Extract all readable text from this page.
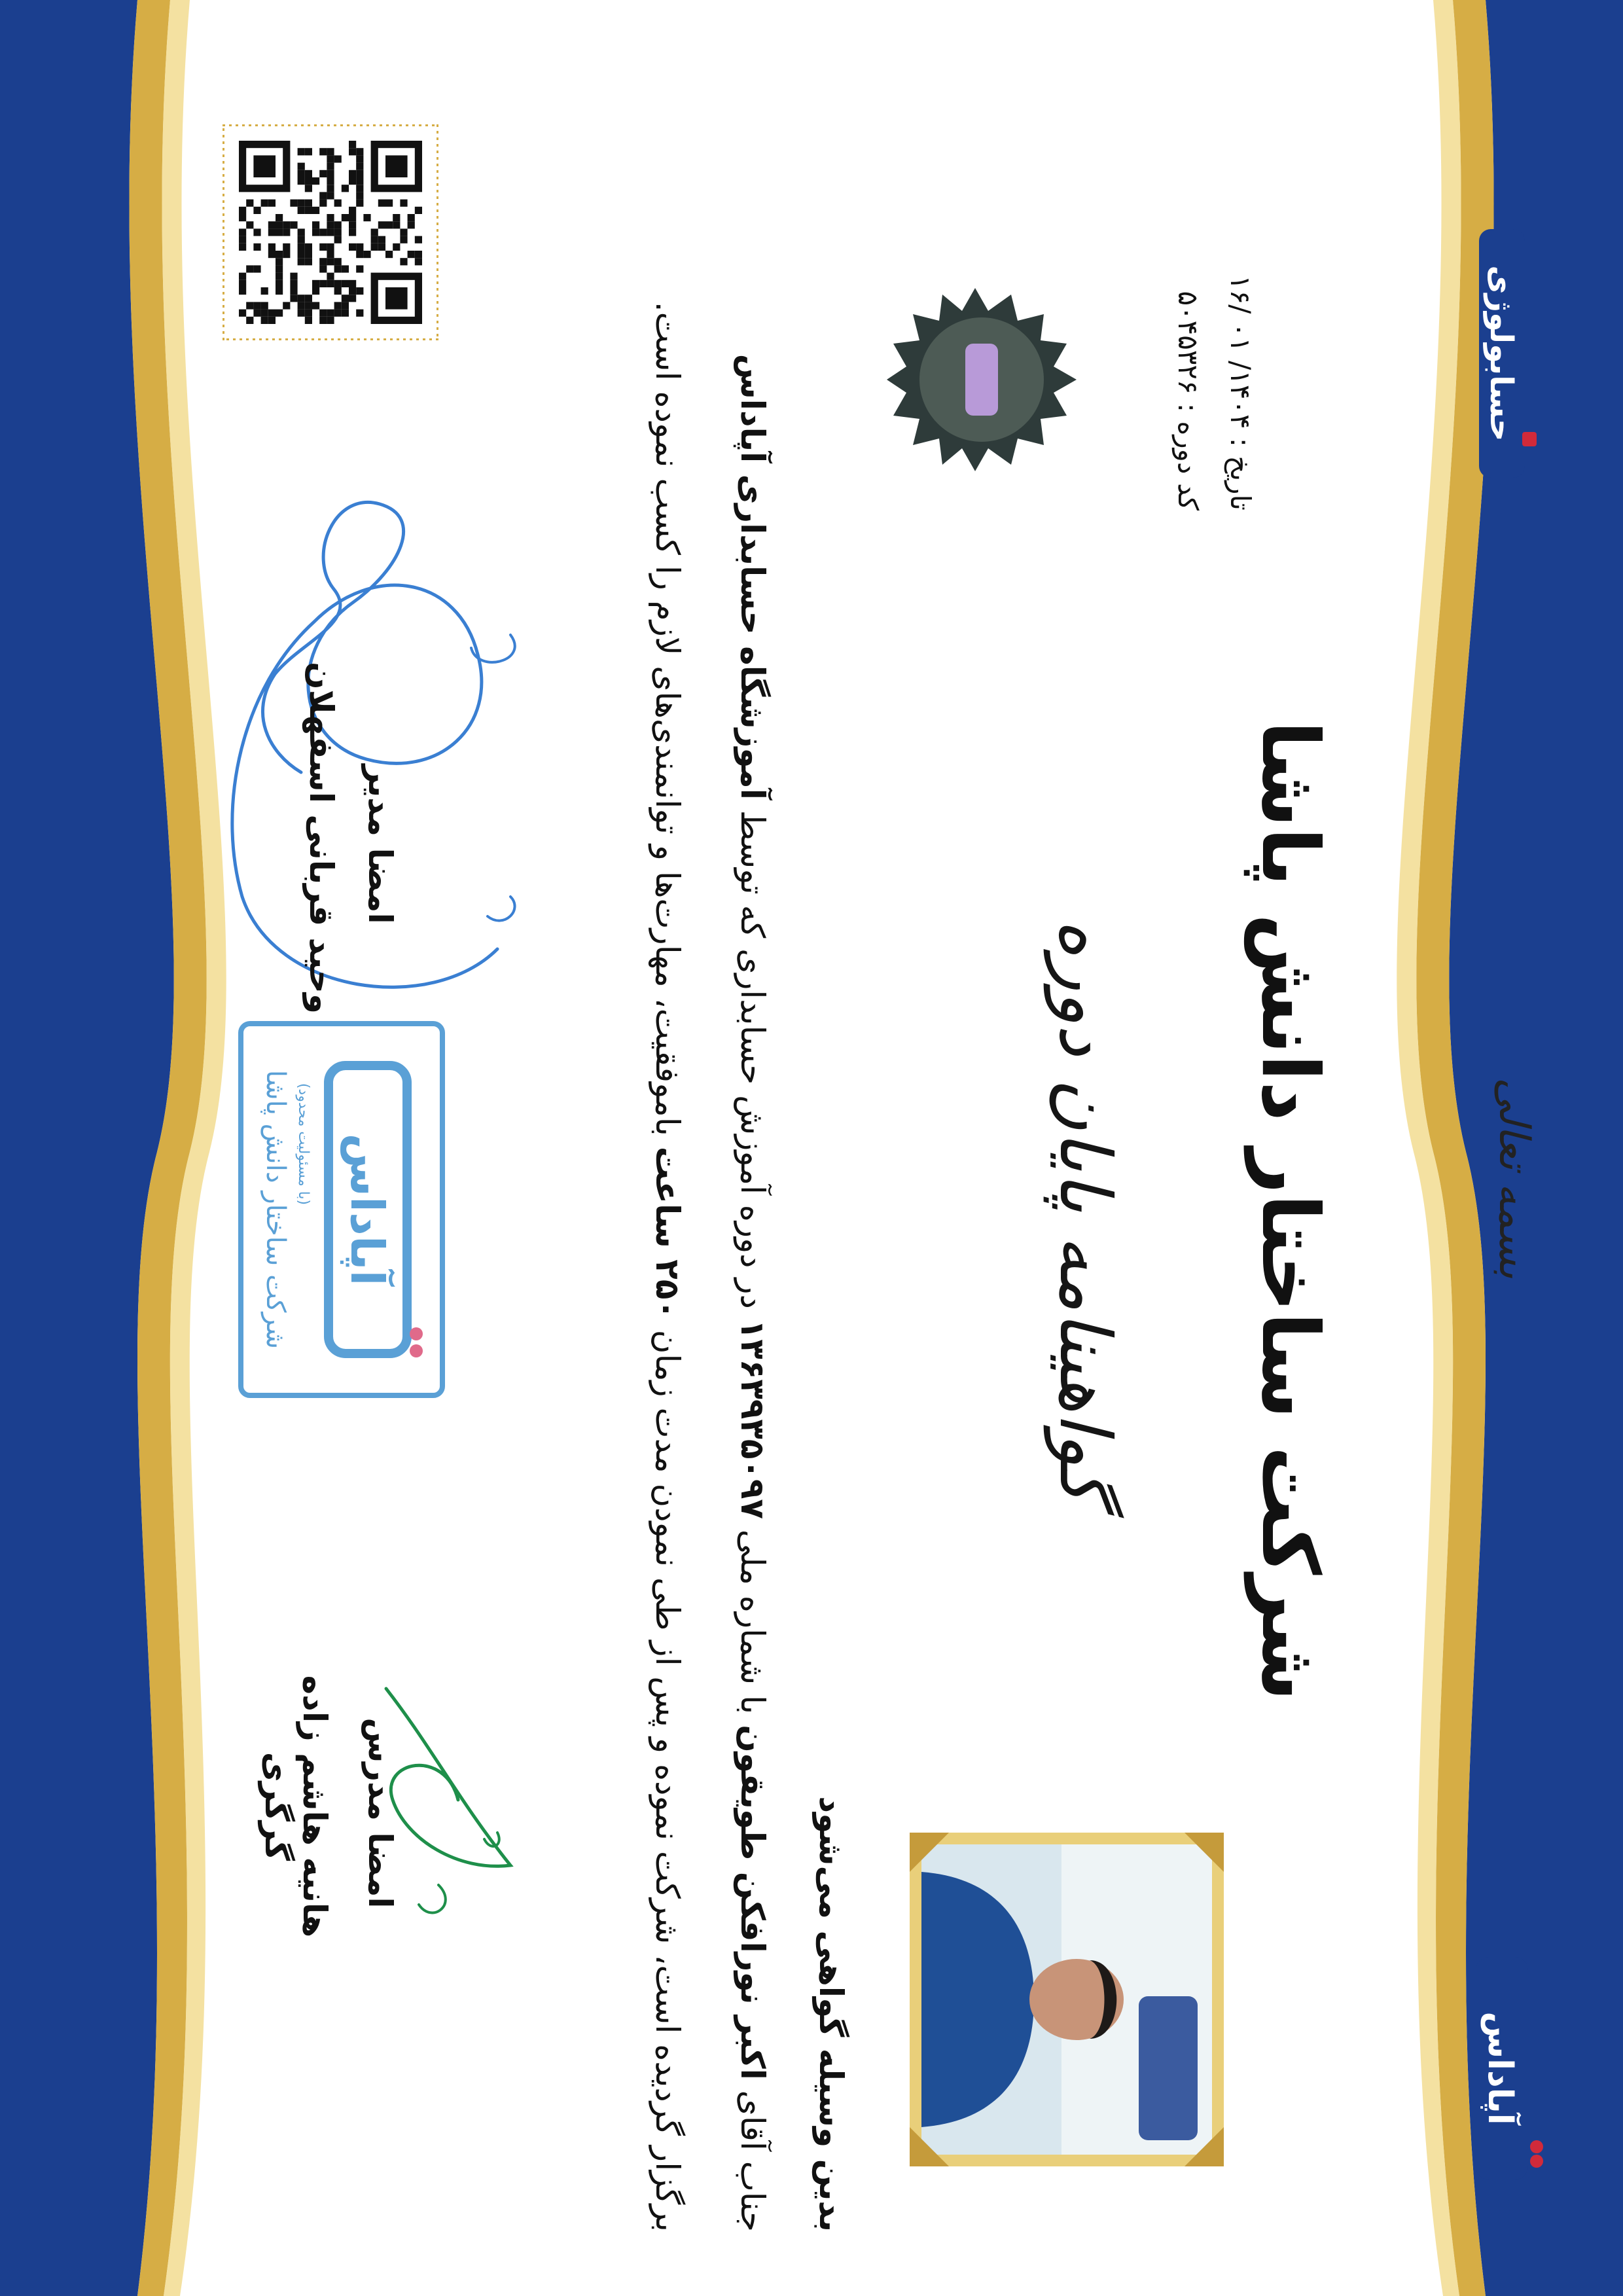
بسمه تعالی
حسابولوژی
آپاداس
تاریخ : ۱۴۰۴/ ۰۱ /۱۶
کد دوره : ۵۰۴۵۳۲۶
شرکت ساختار دانش پاشا
گواهینامه پایان دوره
بدین وسیله گواهی می‌شود
جناب آقای اکبر نورافکن طویقون با شماره ملی ۱۳۶۳۹۳۵۰۹۷ در دوره آموزش حسابداری که توسط آموزشگاه حسابداری آپاداس
برگزار گردیده است، شرکت نموده و پس از طی نمودن مدت زمان ۲۵۰ ساعت باموفقیت، مهارت‌ها و توانمندی‌های لازم را کسب نموده است.
امضا مدیر
وحید قربانی اسفهلان
آپاداس
شرکت ساختار دانش پاشا (با مسئولیت محدود)
امضا مدرس
هانیه هاشم زاده گرگری
